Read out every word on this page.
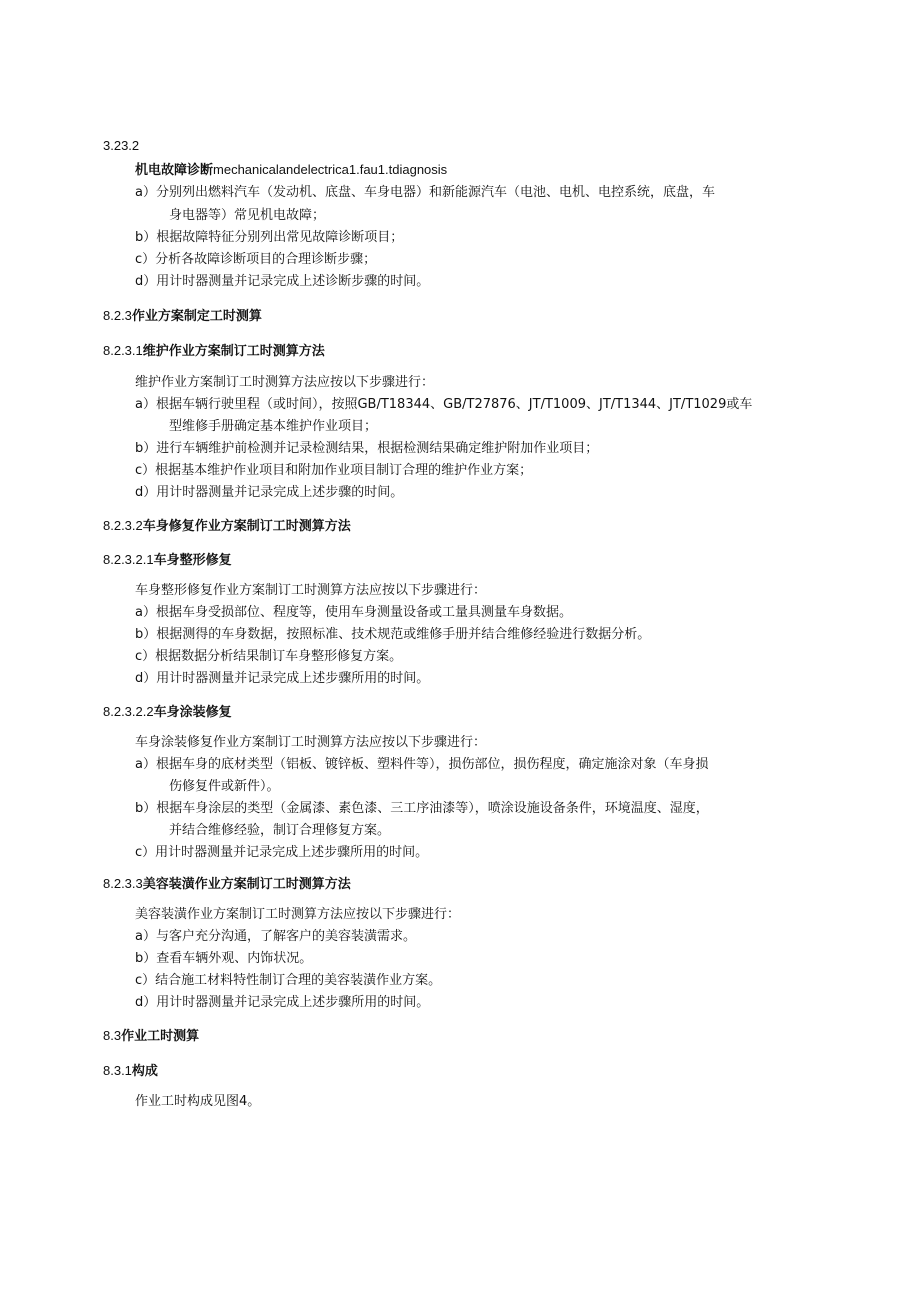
3.23.2
机电故障诊断mechanicalandelectrica1.fau1.tdiagnosis
a）分别列出燃料汽车（发动机、底盘、车身电器）和新能源汽车（电池、电机、电控系统，底盘，车
身电器等）常见机电故障；
b）根据故障特征分别列出常见故障诊断项目；
c）分析各故障诊断项目的合理诊断步骤；
d）用计时器测量并记录完成上述诊断步骤的时间。
8.2.3作业方案制定工时测算
8.2.3.1维护作业方案制订工时测算方法
维护作业方案制订工时测算方法应按以下步骤进行：
a）根据车辆行驶里程（或时间），按照GB/T18344、GB/T27876、JT/T1009、JT/T1344、JT/T1029或车
型维修手册确定基本维护作业项目；
b）进行车辆维护前检测并记录检测结果，根据检测结果确定维护附加作业项目；
c）根据基本维护作业项目和附加作业项目制订合理的维护作业方案；
d）用计时器测量并记录完成上述步骤的时间。
8.2.3.2车身修复作业方案制订工时测算方法
8.2.3.2.1车身整形修复
车身整形修复作业方案制订工时测算方法应按以下步骤进行：
a）根据车身受损部位、程度等，使用车身测量设备或工量具测量车身数据。
b）根据测得的车身数据，按照标准、技术规范或维修手册并结合维修经验进行数据分析。
c）根据数据分析结果制订车身整形修复方案。
d）用计时器测量并记录完成上述步骤所用的时间。
8.2.3.2.2车身涂装修复
车身涂装修复作业方案制订工时测算方法应按以下步骤进行：
a）根据车身的底材类型（铝板、镀锌板、塑料件等），损伤部位，损伤程度，确定施涂对象（车身损
伤修复件或新件）。
b）根据车身涂层的类型（金属漆、素色漆、三工序油漆等），喷涂设施设备条件，环境温度、湿度，
并结合维修经验，制订合理修复方案。
c）用计时器测量并记录完成上述步骤所用的时间。
8.2.3.3美容装潢作业方案制订工时测算方法
美容装潢作业方案制订工时测算方法应按以下步骤进行：
a）与客户充分沟通，了解客户的美容装潢需求。
b）查看车辆外观、内饰状况。
c）结合施工材料特性制订合理的美容装潢作业方案。
d）用计时器测量并记录完成上述步骤所用的时间。
8.3作业工时测算
8.3.1构成
作业工时构成见图4。
